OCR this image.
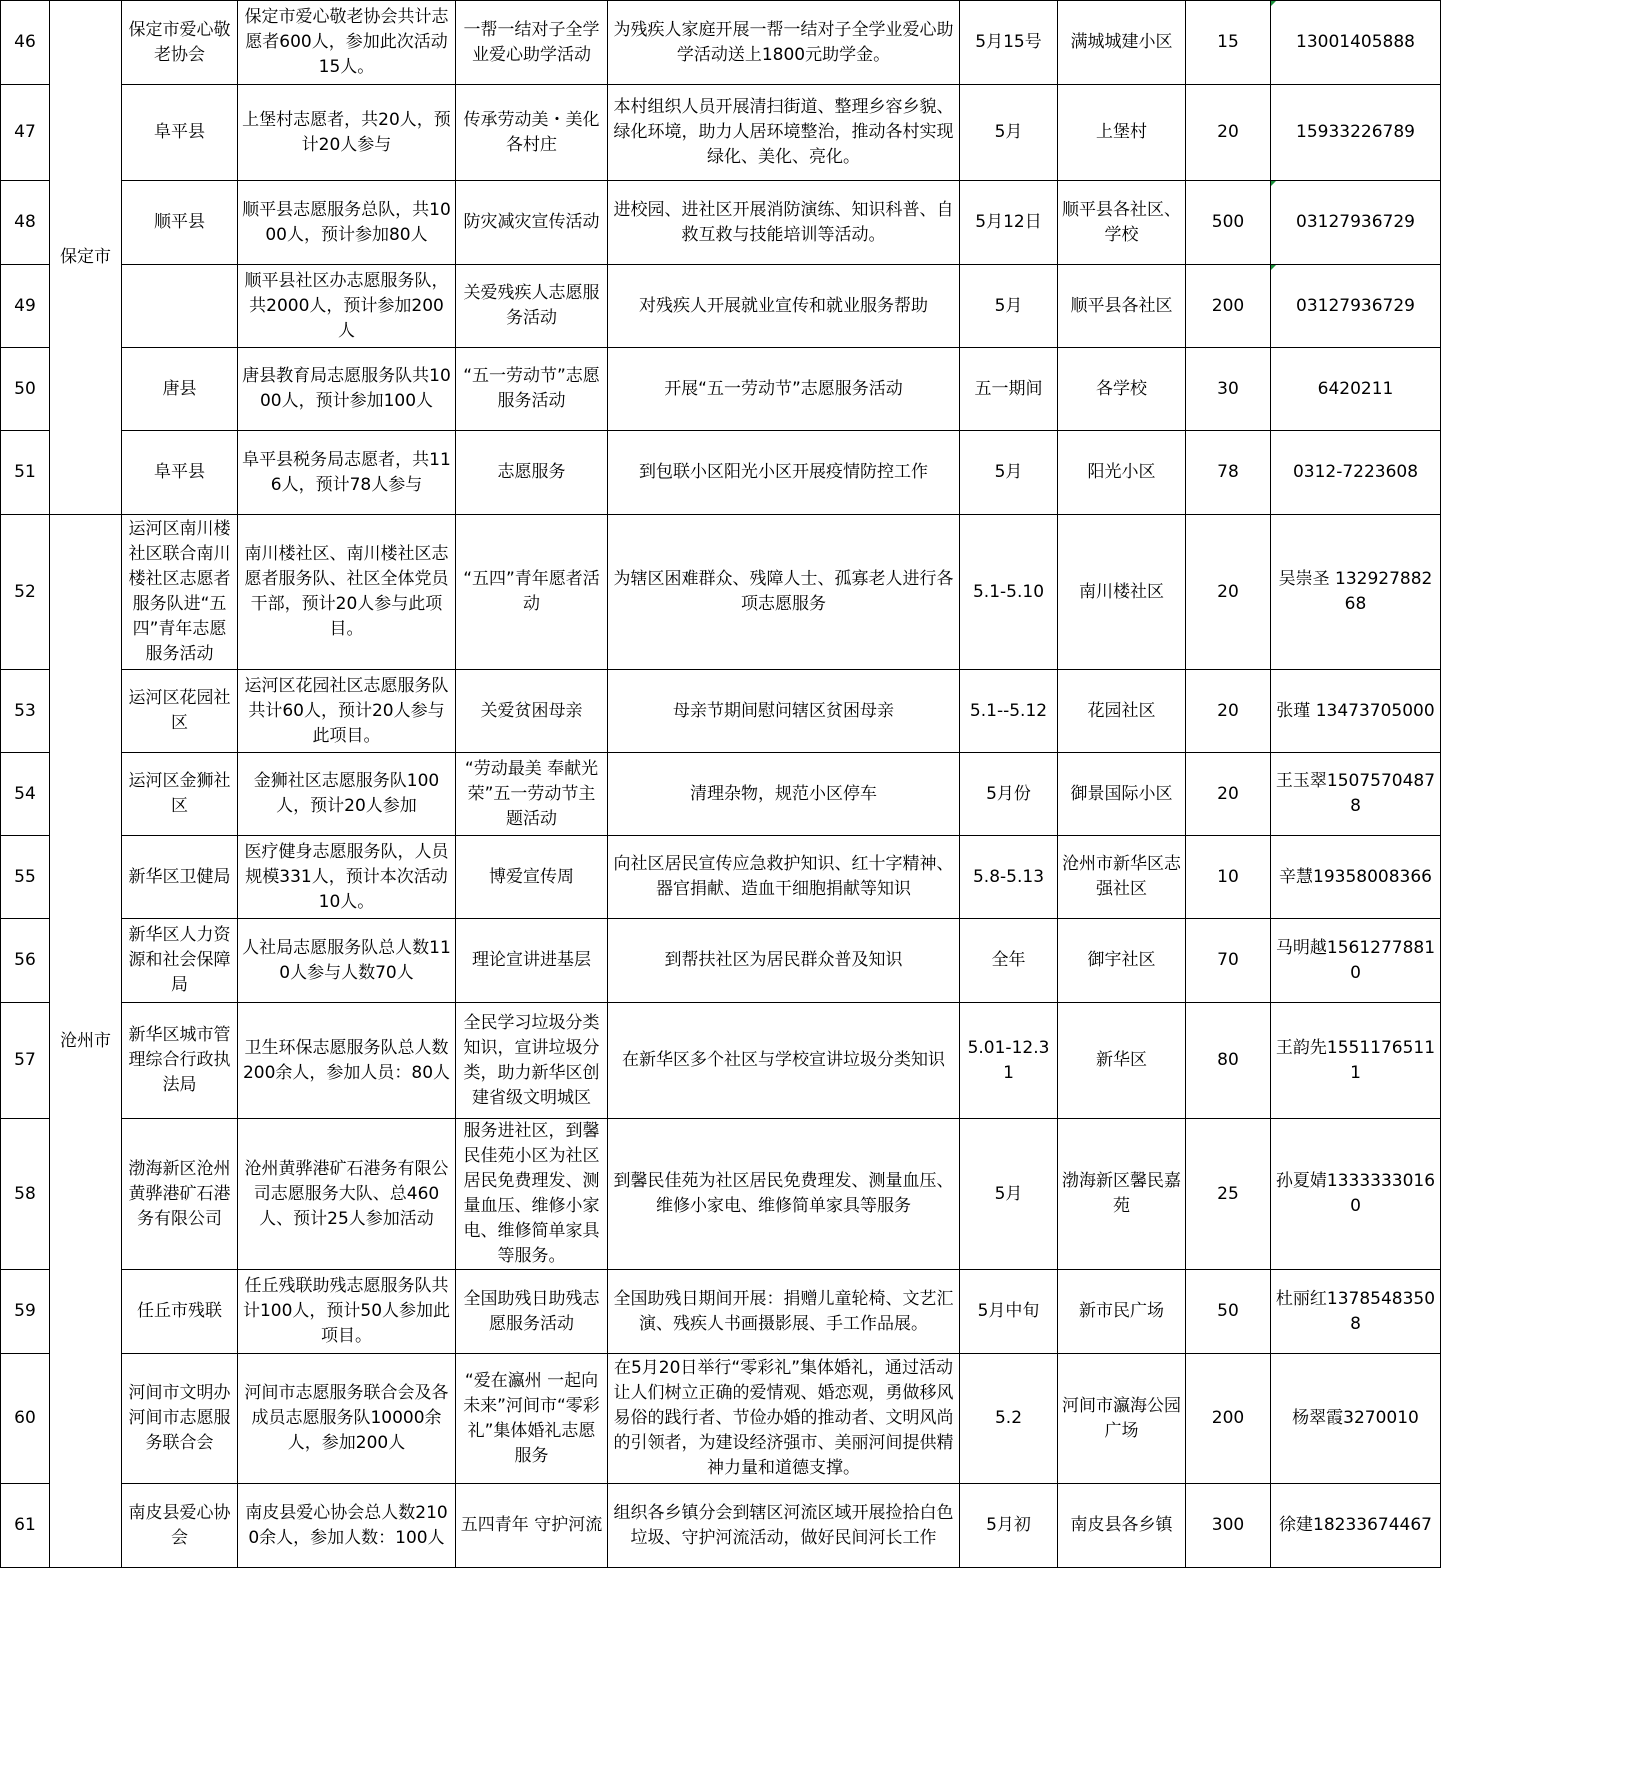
46	保定市	保定市爱心敬老协会	保定市爱心敬老协会共计志愿者600人，参加此次活动15人。	一帮一结对子全学业爱心助学活动	为残疾人家庭开展一帮一结对子全学业爱心助学活动送上1800元助学金。	5月15号	满城城建小区	15	13001405888
47		阜平县	上堡村志愿者，共20人，预计20人参与	传承劳动美・美化各村庄	本村组织人员开展清扫街道、整理乡容乡貌、绿化环境，助力人居环境整治，推动各村实现绿化、美化、亮化。	5月	上堡村	20	15933226789
48		顺平县	顺平县志愿服务总队，共1000人，预计参加80人	防灾减灾宣传活动	进校园、进社区开展消防演练、知识科普、自救互救与技能培训等活动。	5月12日	顺平县各社区、学校	500	03127936729
49			顺平县社区办志愿服务队，共2000人，预计参加200人	关爱残疾人志愿服务活动	对残疾人开展就业宣传和就业服务帮助	5月	顺平县各社区	200	03127936729
50		唐县	唐县教育局志愿服务队共1000人，预计参加100人	“五一劳动节”志愿服务活动	开展“五一劳动节”志愿服务活动	五一期间	各学校	30	6420211
51		阜平县	阜平县税务局志愿者，共116人，预计78人参与	志愿服务	到包联小区阳光小区开展疫情防控工作	5月	阳光小区	78	0312-7223608
52	沧州市	运河区南川楼社区联合南川楼社区志愿者服务队进“五四”青年志愿服务活动	南川楼社区、南川楼社区志愿者服务队、社区全体党员干部，预计20人参与此项目。	“五四”青年愿者活动	为辖区困难群众、残障人士、孤寡老人进行各项志愿服务	5.1-5.10	南川楼社区	20	吴崇圣 13292788268
53		运河区花园社区	运河区花园社区志愿服务队共计60人，预计20人参与此项目。	关爱贫困母亲	母亲节期间慰问辖区贫困母亲	5.1--5.12	花园社区	20	张瑾 13473705000
54		运河区金狮社区	金狮社区志愿服务队100人，预计20人参加	“劳动最美 奉献光荣”五一劳动节主题活动	清理杂物，规范小区停车	5月份	御景国际小区	20	王玉翠15075704878
55		新华区卫健局	医疗健身志愿服务队，人员规模331人，预计本次活动10人。	博爱宣传周	向社区居民宣传应急救护知识、红十字精神、器官捐献、造血干细胞捐献等知识	5.8-5.13	沧州市新华区志强社区	10	辛慧19358008366
56		新华区人力资源和社会保障局	人社局志愿服务队总人数110人参与人数70人	理论宣讲进基层	到帮扶社区为居民群众普及知识	全年	御宇社区	70	马明越15612778810
57		新华区城市管理综合行政执法局	卫生环保志愿服务队总人数200余人，参加人员：80人	全民学习垃圾分类知识，宣讲垃圾分类，助力新华区创建省级文明城区	在新华区多个社区与学校宣讲垃圾分类知识	5.01-12.31	新华区	80	王韵先15511765111
58		渤海新区沧州黄骅港矿石港务有限公司	沧州黄骅港矿石港务有限公司志愿服务大队、总460人、预计25人参加活动	服务进社区，到馨民佳苑小区为社区居民免费理发、测量血压、维修小家电、维修简单家具等服务。	到馨民佳苑为社区居民免费理发、测量血压、维修小家电、维修简单家具等服务	5月	渤海新区馨民嘉苑	25	孙夏婧13333330160
59		任丘市残联	任丘残联助残志愿服务队共计100人，预计50人参加此项目。	全国助残日助残志愿服务活动	全国助残日期间开展：捐赠儿童轮椅、文艺汇演、残疾人书画摄影展、手工作品展。	5月中旬	新市民广场	50	杜丽红13785483508
60		河间市文明办河间市志愿服务联合会	河间市志愿服务联合会及各成员志愿服务队10000余人，参加200人	“爱在瀛州 一起向未来”河间市“零彩礼”集体婚礼志愿服务	在5月20日举行“零彩礼”集体婚礼，通过活动让人们树立正确的爱情观、婚恋观，勇做移风易俗的践行者、节俭办婚的推动者、文明风尚的引领者，为建设经济强市、美丽河间提供精神力量和道德支撑。	5.2	河间市瀛海公园广场	200	杨翠霞3270010
61		南皮县爱心协会	南皮县爱心协会总人数2100余人，参加人数：100人	五四青年 守护河流	组织各乡镇分会到辖区河流区域开展捡拾白色垃圾、守护河流活动，做好民间河长工作	5月初	南皮县各乡镇	300	徐建18233674467
